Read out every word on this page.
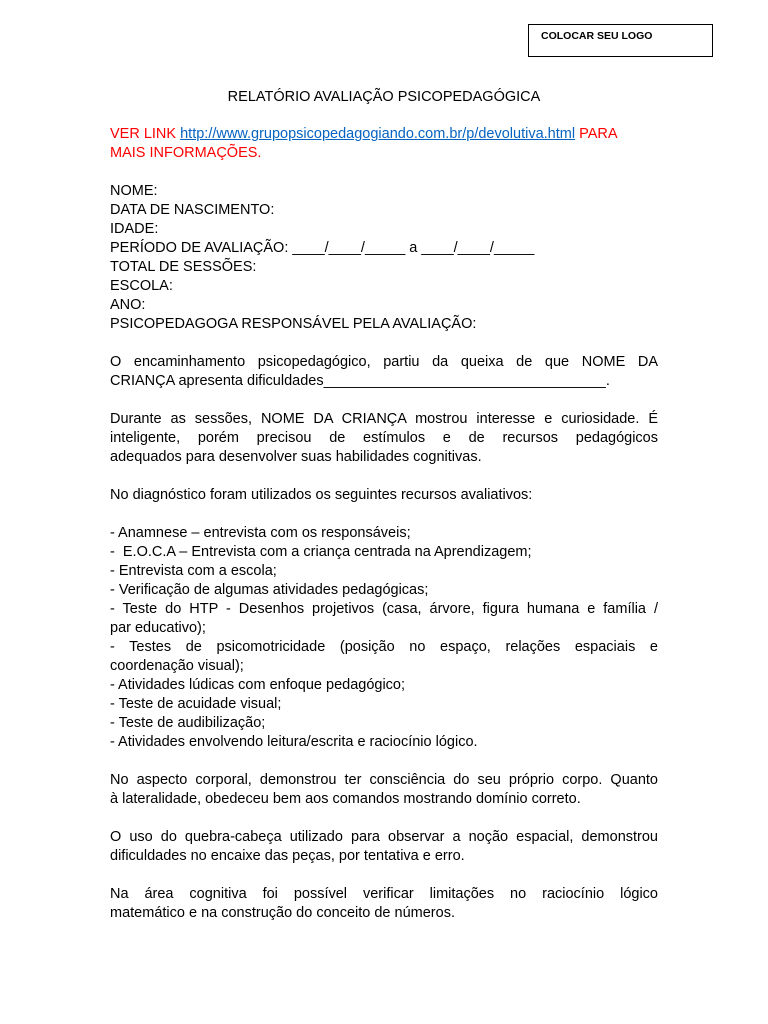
COLOCAR SEU LOGO
RELATÓRIO AVALIAÇÃO PSICOPEDAGÓGICA
VER LINK http://www.grupopsicopedagogiando.com.br/p/devolutiva.html PARA
MAIS INFORMAÇÕES.
NOME:
DATA DE NASCIMENTO:
IDADE:
PERÍODO DE AVALIAÇÃO: ____/____/_____ a ____/____/_____
TOTAL DE SESSÕES:
ESCOLA:
ANO:
PSICOPEDAGOGA RESPONSÁVEL PELA AVALIAÇÃO:
O encaminhamento psicopedagógico, partiu da queixa de que NOME DA
CRIANÇA apresenta dificuldades___________________________________.
Durante as sessões, NOME DA CRIANÇA mostrou interesse e curiosidade. É
inteligente, porém precisou de estímulos e de recursos pedagógicos
adequados para desenvolver suas habilidades cognitivas.
No diagnóstico foram utilizados os seguintes recursos avaliativos:
- Anamnese – entrevista com os responsáveis;
-  E.O.C.A – Entrevista com a criança centrada na Aprendizagem;
- Entrevista com a escola;
- Verificação de algumas atividades pedagógicas;
- Teste do HTP - Desenhos projetivos (casa, árvore, figura humana e família /
par educativo);
- Testes de psicomotricidade (posição no espaço, relações espaciais e
coordenação visual);
- Atividades lúdicas com enfoque pedagógico;
- Teste de acuidade visual;
- Teste de audibilização;
- Atividades envolvendo leitura/escrita e raciocínio lógico.
No aspecto corporal, demonstrou ter consciência do seu próprio corpo. Quanto
à lateralidade, obedeceu bem aos comandos mostrando domínio correto.
O uso do quebra-cabeça utilizado para observar a noção espacial, demonstrou
dificuldades no encaixe das peças, por tentativa e erro.
Na área cognitiva foi possível verificar limitações no raciocínio lógico
matemático e na construção do conceito de números.
